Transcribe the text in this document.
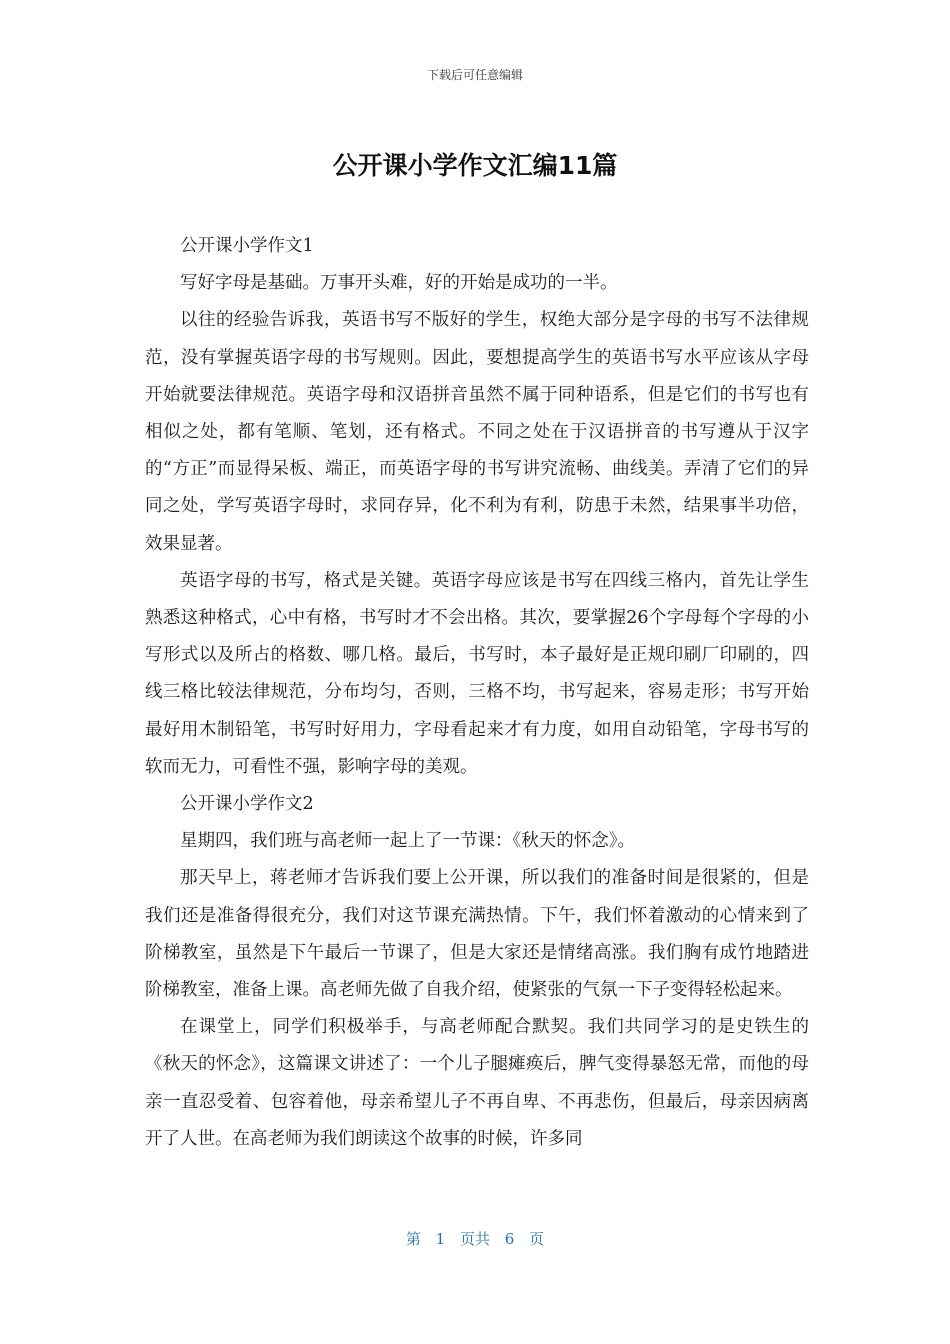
下载后可任意编辑
公开课小学作文汇编11篇

公开课小学作文1

写好字母是基础。万事开头难，好的开始是成功的一半。

以往的经验告诉我，英语书写不版好的学生，权绝大部分是字母的书写不法律规范，没有掌握英语字母的书写规则。因此，要想提高学生的英语书写水平应该从字母开始就要法律规范。英语字母和汉语拼音虽然不属于同种语系，但是它们的书写也有相似之处，都有笔顺、笔划，还有格式。不同之处在于汉语拼音的书写遵从于汉字的“方正”而显得呆板、端正，而英语字母的书写讲究流畅、曲线美。弄清了它们的异同之处，学写英语字母时，求同存异，化不利为有利，防患于未然，结果事半功倍，效果显著。

英语字母的书写，格式是关键。英语字母应该是书写在四线三格内，首先让学生熟悉这种格式，心中有格，书写时才不会出格。其次，要掌握26个字母每个字母的小写形式以及所占的格数、哪几格。最后，书写时，本子最好是正规印刷厂印刷的，四线三格比较法律规范，分布均匀，否则，三格不均，书写起来，容易走形；书写开始最好用木制铅笔，书写时好用力，字母看起来才有力度，如用自动铅笔，字母书写的软而无力，可看性不强，影响字母的美观。

公开课小学作文2

星期四，我们班与高老师一起上了一节课：《秋天的怀念》。

那天早上，蒋老师才告诉我们要上公开课，所以我们的准备时间是很紧的，但是我们还是准备得很充分，我们对这节课充满热情。下午，我们怀着激动的心情来到了阶梯教室，虽然是下午最后一节课了，但是大家还是情绪高涨。我们胸有成竹地踏进阶梯教室，准备上课。高老师先做了自我介绍，使紧张的气氛一下子变得轻松起来。

在课堂上，同学们积极举手，与高老师配合默契。我们共同学习的是史铁生的《秋天的怀念》，这篇课文讲述了：一个儿子腿瘫痪后，脾气变得暴怒无常，而他的母亲一直忍受着、包容着他，母亲希望儿子不再自卑、不再悲伤，但最后，母亲因病离开了人世。在高老师为我们朗读这个故事的时候，许多同

第 1 页共 6 页
